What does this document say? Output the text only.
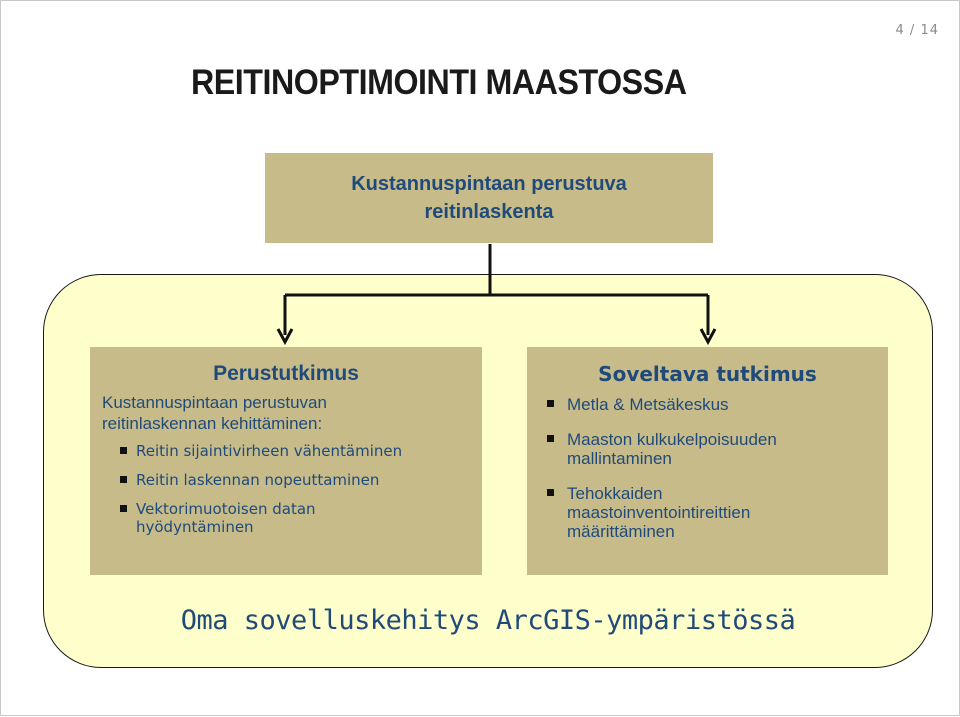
4 / 14
REITINOPTIMOINTI MAASTOSSA
Kustannuspintaan perustuva
reitinlaskenta
Perustutkimus
Kustannuspintaan perustuvan
reitinlaskennan kehittäminen:
Reitin sijaintivirheen vähentäminen
Reitin laskennan nopeuttaminen
Vektorimuotoisen datan
hyödyntäminen
Soveltava tutkimus
Metla & Metsäkeskus
Maaston kulkukelpoisuuden
mallintaminen
Tehokkaiden
maastoinventointireittien
määrittäminen
Oma sovelluskehitys ArcGIS-ympäristössä
